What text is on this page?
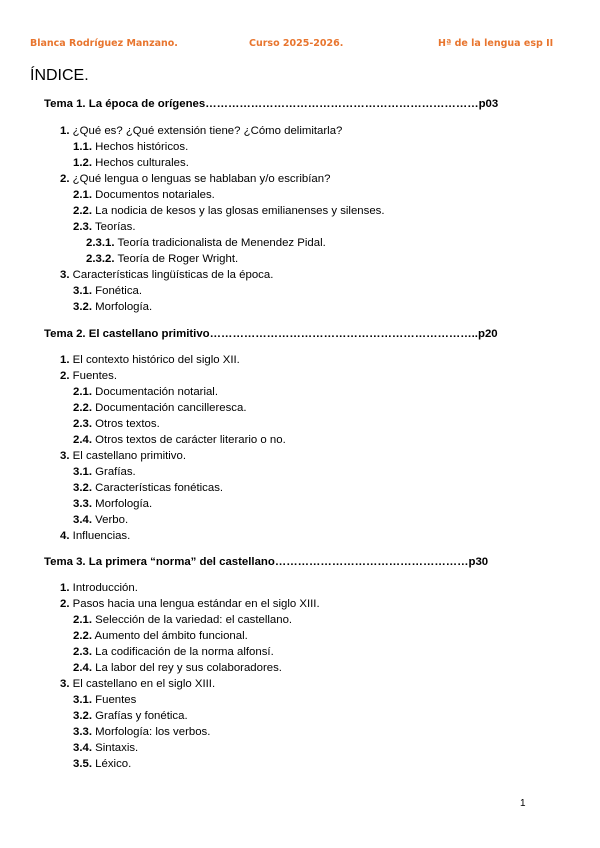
Blanca Rodríguez Manzano.	Curso 2025-2026.	Hª de la lengua esp II
ÍNDICE.
Tema 1. La época de orígenes………………………………………………………………p03
1. ¿Qué es? ¿Qué extensión tiene? ¿Cómo delimitarla?
1.1. Hechos históricos.
1.2. Hechos culturales.
2. ¿Qué lengua o lenguas se hablaban y/o escribían?
2.1. Documentos notariales.
2.2. La nodicia de kesos y las glosas emilianenses y silenses.
2.3. Teorías.
2.3.1. Teoría tradicionalista de Menendez Pidal.
2.3.2. Teoría de Roger Wright.
3. Características lingüísticas de la época.
3.1. Fonética.
3.2. Morfología.
Tema 2. El castellano primitivo……………………………………………………………..p20
1. El contexto histórico del siglo XII.
2. Fuentes.
2.1. Documentación notarial.
2.2. Documentación cancilleresca.
2.3. Otros textos.
2.4. Otros textos de carácter literario o no.
3. El castellano primitivo.
3.1. Grafías.
3.2. Características fonéticas.
3.3. Morfología.
3.4. Verbo.
4. Influencias.
Tema 3. La primera “norma” del castellano……………………………………………p30
1. Introducción.
2. Pasos hacia una lengua estándar en el siglo XIII.
2.1. Selección de la variedad: el castellano.
2.2. Aumento del ámbito funcional.
2.3. La codificación de la norma alfonsí.
2.4. La labor del rey y sus colaboradores.
3. El castellano en el siglo XIII.
3.1. Fuentes
3.2. Grafías y fonética.
3.3. Morfología: los verbos.
3.4. Sintaxis.
3.5. Léxico.
1
